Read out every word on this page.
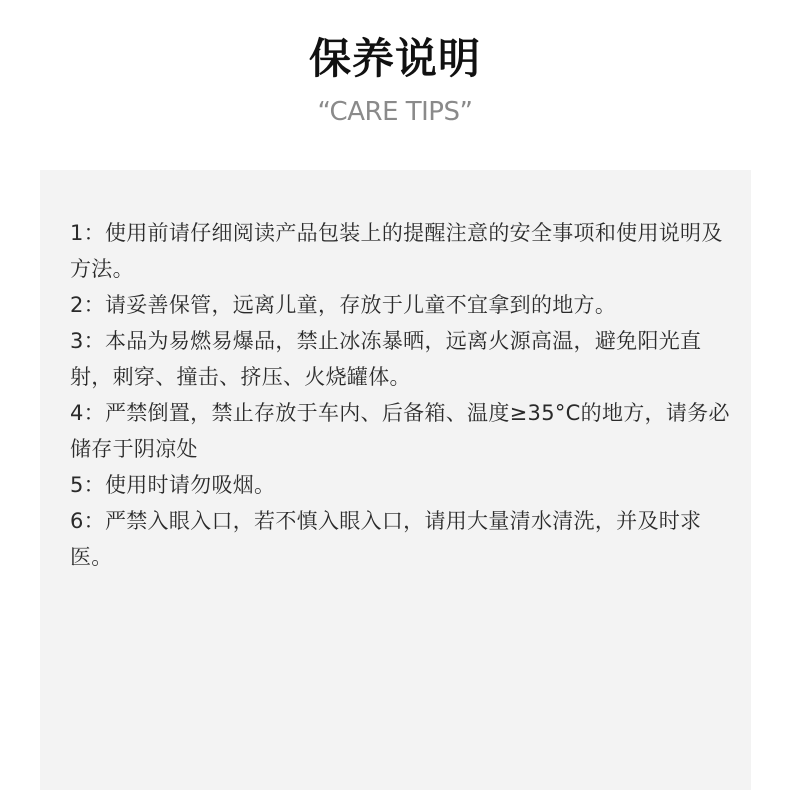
保养说明
“CARE TIPS”
1：使用前请仔细阅读产品包装上的提醒注意的安全事项和使用说明及方法。
2：请妥善保管，远离儿童，存放于儿童不宜拿到的地方。
3：本品为易燃易爆品，禁止冰冻暴晒，远离火源高温，避免阳光直射，刺穿、撞击、挤压、火烧罐体。
4：严禁倒置，禁止存放于车内、后备箱、温度≥35°C的地方，请务必储存于阴凉处
5：使用时请勿吸烟。
6：严禁入眼入口，若不慎入眼入口，请用大量清水清洗，并及时求医。
